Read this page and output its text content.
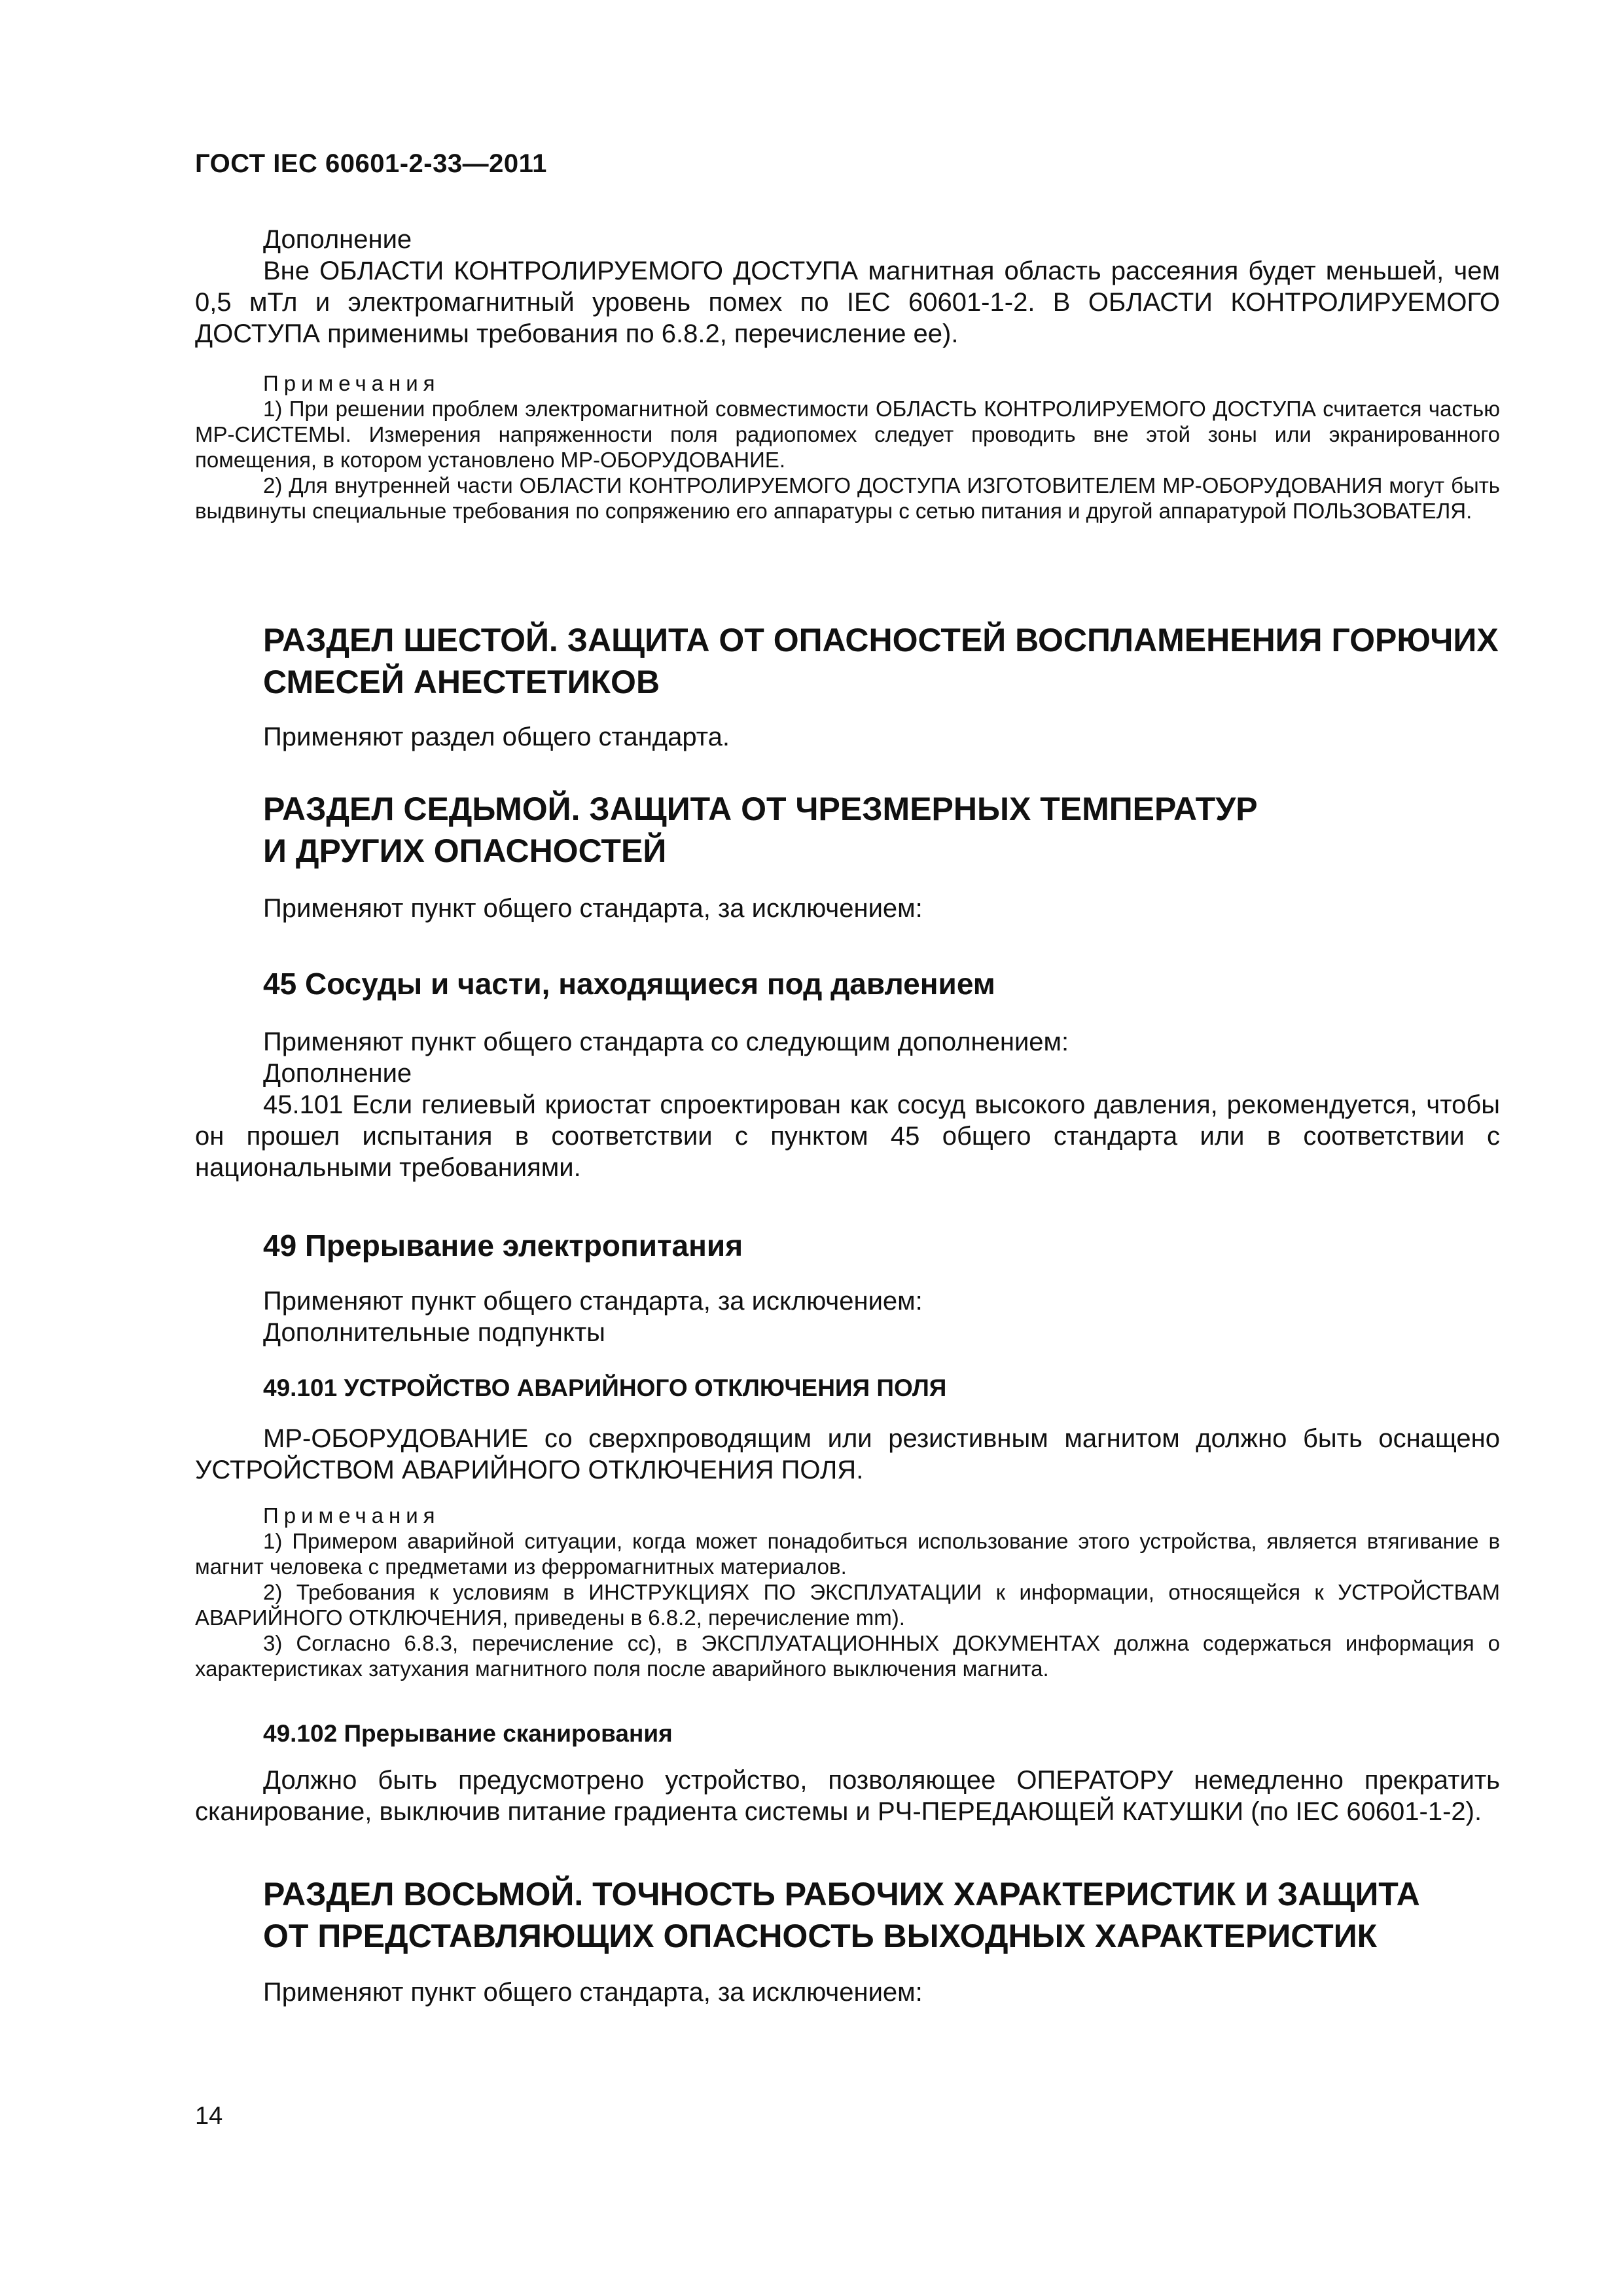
ГОСТ IEC 60601-2-33—2011

Дополнение

Вне ОБЛАСТИ КОНТРОЛИРУЕМОГО ДОСТУПА магнитная область рассеяния будет меньшей, чем 0,5 мТл и электромагнитный уровень помех по IEC 60601-1-2. В ОБЛАСТИ КОНТРОЛИРУЕМОГО ДОСТУПА применимы требования по 6.8.2, перечисление ее).

Примечания

1) При решении проблем электромагнитной совместимости ОБЛАСТЬ КОНТРОЛИРУЕМОГО ДОСТУПА считается частью МР-СИСТЕМЫ. Измерения напряженности поля радиопомех следует проводить вне этой зоны или экранированного помещения, в котором установлено МР-ОБОРУДОВАНИЕ.

2) Для внутренней части ОБЛАСТИ КОНТРОЛИРУЕМОГО ДОСТУПА ИЗГОТОВИТЕЛЕМ МР-ОБОРУДОВАНИЯ могут быть выдвинуты специальные требования по сопряжению его аппаратуры с сетью питания и другой аппаратурой ПОЛЬЗОВАТЕЛЯ.

РАЗДЕЛ ШЕСТОЙ. ЗАЩИТА ОТ ОПАСНОСТЕЙ ВОСПЛАМЕНЕНИЯ ГОРЮЧИХ
СМЕСЕЙ АНЕСТЕТИКОВ

Применяют раздел общего стандарта.

РАЗДЕЛ СЕДЬМОЙ. ЗАЩИТА ОТ ЧРЕЗМЕРНЫХ ТЕМПЕРАТУР
И ДРУГИХ ОПАСНОСТЕЙ

Применяют пункт общего стандарта, за исключением:

45 Сосуды и части, находящиеся под давлением

Применяют пункт общего стандарта со следующим дополнением:

Дополнение

45.101 Если гелиевый криостат спроектирован как сосуд высокого давления, рекомендуется, чтобы он прошел испытания в соответствии с пунктом 45 общего стандарта или в соответствии с национальными требованиями.

49 Прерывание электропитания

Применяют пункт общего стандарта, за исключением:

Дополнительные подпункты

49.101 УСТРОЙСТВО АВАРИЙНОГО ОТКЛЮЧЕНИЯ ПОЛЯ

МР-ОБОРУДОВАНИЕ со сверхпроводящим или резистивным магнитом должно быть оснащено УСТРОЙСТВОМ АВАРИЙНОГО ОТКЛЮЧЕНИЯ ПОЛЯ.

Примечания

1) Примером аварийной ситуации, когда может понадобиться использование этого устройства, является втягивание в магнит человека с предметами из ферромагнитных материалов.

2) Требования к условиям в ИНСТРУКЦИЯХ ПО ЭКСПЛУАТАЦИИ к информации, относящейся к УСТРОЙСТВАМ АВАРИЙНОГО ОТКЛЮЧЕНИЯ, приведены в 6.8.2, перечисление mm).

3) Согласно 6.8.3, перечисление сс), в ЭКСПЛУАТАЦИОННЫХ ДОКУМЕНТАХ должна содержаться информация о характеристиках затухания магнитного поля после аварийного выключения магнита.

49.102 Прерывание сканирования

Должно быть предусмотрено устройство, позволяющее ОПЕРАТОРУ немедленно прекратить сканирование, выключив питание градиента системы и РЧ-ПЕРЕДАЮЩЕЙ КАТУШКИ (по IEC 60601-1-2).

РАЗДЕЛ ВОСЬМОЙ. ТОЧНОСТЬ РАБОЧИХ ХАРАКТЕРИСТИК И ЗАЩИТА
ОТ ПРЕДСТАВЛЯЮЩИХ ОПАСНОСТЬ ВЫХОДНЫХ ХАРАКТЕРИСТИК

Применяют пункт общего стандарта, за исключением:

14
